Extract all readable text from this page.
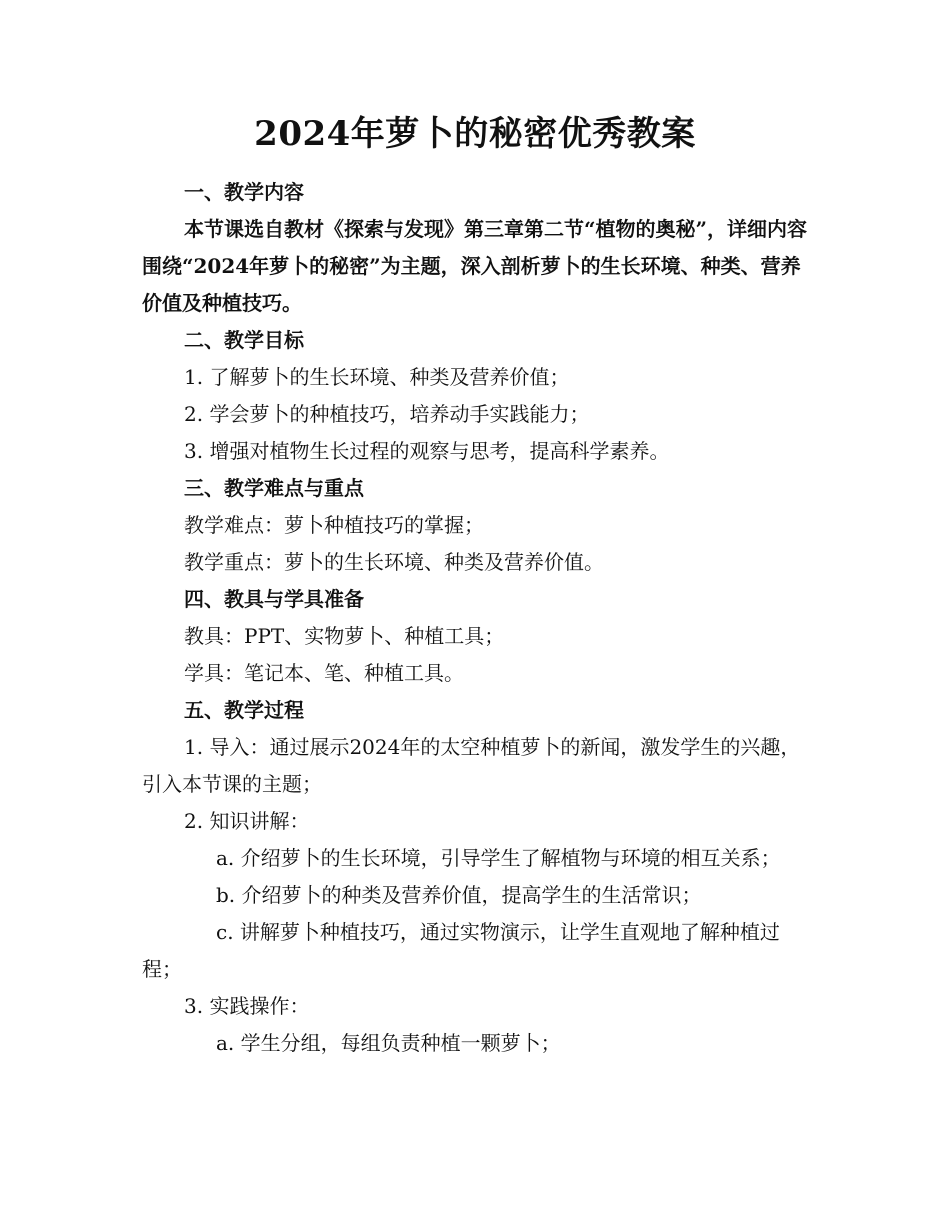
2024年萝卜的秘密优秀教案

一、教学内容

本节课选自教材《探索与发现》第三章第二节“植物的奥秘”，详细内容围绕“2024年萝卜的秘密”为主题，深入剖析萝卜的生长环境、种类、营养价值及种植技巧。

二、教学目标

1. 了解萝卜的生长环境、种类及营养价值；

2. 学会萝卜的种植技巧，培养动手实践能力；

3. 增强对植物生长过程的观察与思考，提高科学素养。

三、教学难点与重点

教学难点：萝卜种植技巧的掌握；

教学重点：萝卜的生长环境、种类及营养价值。

四、教具与学具准备

教具：PPT、实物萝卜、种植工具；

学具：笔记本、笔、种植工具。

五、教学过程

1. 导入：通过展示2024年的太空种植萝卜的新闻，激发学生的兴趣，引入本节课的主题；

2. 知识讲解：

a. 介绍萝卜的生长环境，引导学生了解植物与环境的相互关系；

b. 介绍萝卜的种类及营养价值，提高学生的生活常识；

c. 讲解萝卜种植技巧，通过实物演示，让学生直观地了解种植过程；

3. 实践操作：

a. 学生分组，每组负责种植一颗萝卜；
